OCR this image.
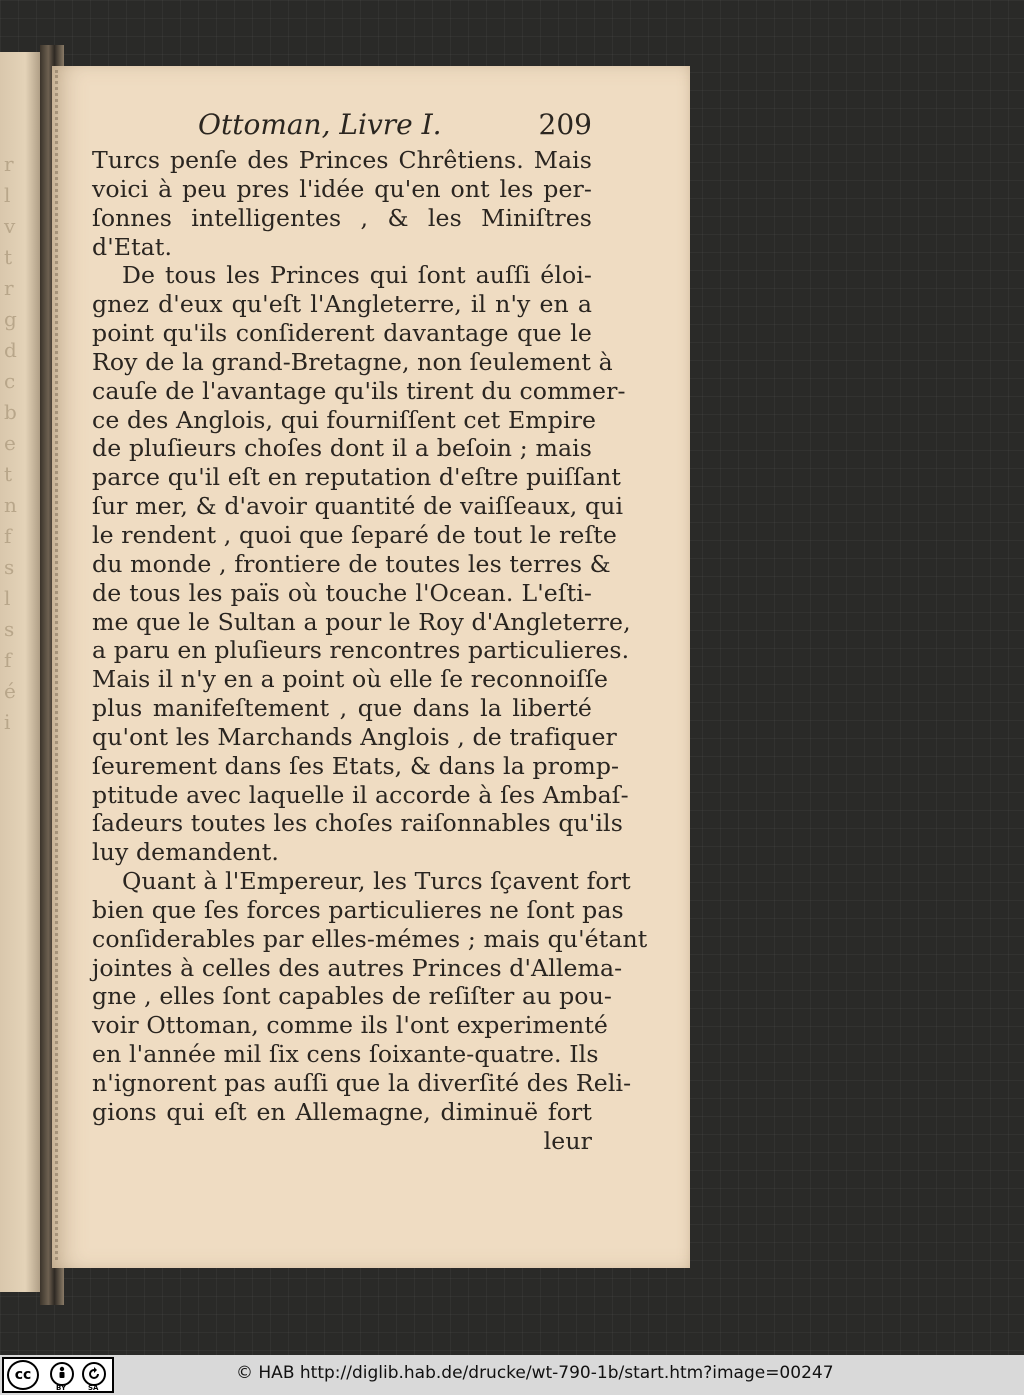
r
l
v
t
r
g
d
c
b
e
t
n
f
s
l
s
f
é
i
Ottoman, Livre I.	209
Turcs penſe des Princes Chrêtiens. Mais
voici à peu pres l'idée qu'en ont les per-
ſonnes intelligentes , & les Miniſtres
d'Etat.
De tous les Princes qui ſont auſſi éloi-
gnez d'eux qu'eſt l'Angleterre, il n'y en a
point qu'ils conſiderent davantage que le
Roy de la grand-Bretagne, non ſeulement à
cauſe de l'avantage qu'ils tirent du commer-
ce des Anglois, qui fourniſſent cet Empire
de pluſieurs choſes dont il a beſoin ; mais
parce qu'il eſt en reputation d'eſtre puiſſant
ſur mer, & d'avoir quantité de vaiſſeaux, qui
le rendent , quoi que ſeparé de tout le reſte
du monde , frontiere de toutes les terres &
de tous les païs où touche l'Ocean. L'eſti-
me que le Sultan a pour le Roy d'Angleterre,
a paru en pluſieurs rencontres particulieres.
Mais il n'y en a point où elle ſe reconnoiſſe
plus manifeſtement , que dans la liberté
qu'ont les Marchands Anglois , de trafiquer
ſeurement dans ſes Etats, & dans la promp-
ptitude avec laquelle il accorde à ſes Ambaſ-
ſadeurs toutes les choſes raiſonnables qu'ils
luy demandent.
Quant à l'Empereur, les Turcs ſçavent fort
bien que ſes forces particulieres ne ſont pas
conſiderables par elles-mémes ; mais qu'étant
jointes à celles des autres Princes d'Allema-
gne , elles ſont capables de reſiſter au pou-
voir Ottoman, comme ils l'ont experimenté
en l'année mil ſix cens ſoixante-quatre. Ils
n'ignorent pas auſſi que la diverſité des Reli-
gions qui eſt en Allemagne, diminuë fort
leur
cc
BY	SA
© HAB http://diglib.hab.de/drucke/wt-790-1b/start.htm?image=00247
